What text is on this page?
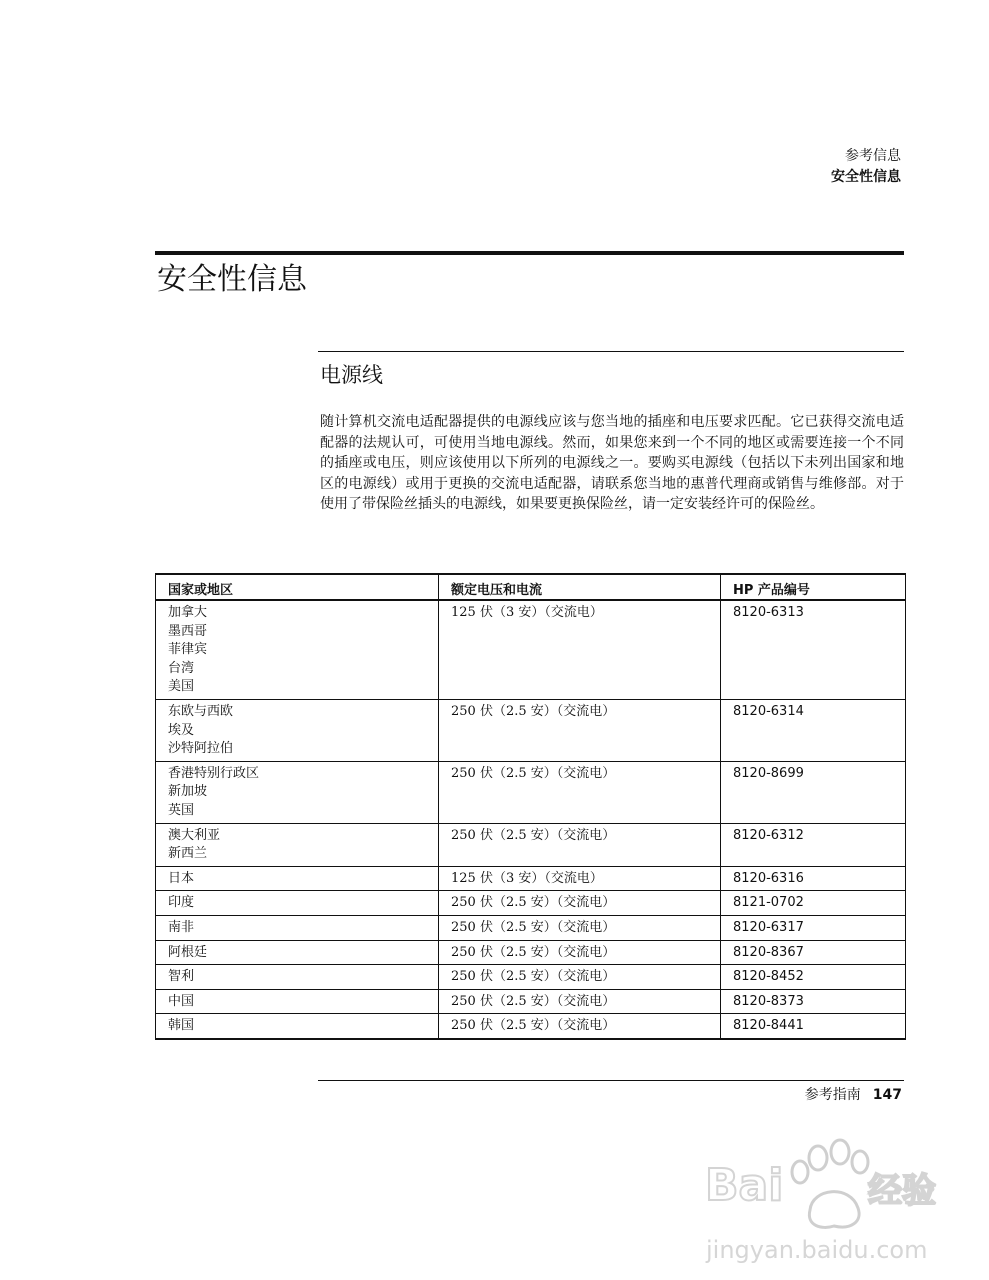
参考信息
安全性信息
安全性信息
电源线

随计算机交流电适配器提供的电源线应该与您当地的插座和电压要求匹配。它已获得交流电适配器的法规认可，可使用当地电源线。然而，如果您来到一个不同的地区或需要连接一个不同的插座或电压，则应该使用以下所列的电源线之一。要购买电源线（包括以下未列出国家和地区的电源线）或用于更换的交流电适配器，请联系您当地的惠普代理商或销售与维修部。对于使用了带保险丝插头的电源线，如果要更换保险丝，请一定安装经许可的保险丝。

国家或地区	额定电压和电流	HP 产品编号

加拿大
墨西哥
菲律宾
台湾
美国	125 伏（3 安）（交流电）	8120-6313

东欧与西欧
埃及
沙特阿拉伯	250 伏（2.5 安）（交流电）	8120-6314

香港特别行政区
新加坡
英国	250 伏（2.5 安）（交流电）	8120-8699

澳大利亚
新西兰	250 伏（2.5 安）（交流电）	8120-6312

日本	125 伏（3 安）（交流电）	8120-6316

印度	250 伏（2.5 安）（交流电）	8121-0702

南非	250 伏（2.5 安）（交流电）	8120-6317

阿根廷	250 伏（2.5 安）（交流电）	8120-8367

智利	250 伏（2.5 安）（交流电）	8120-8452

中国	250 伏（2.5 安）（交流电）	8120-8373

韩国	250 伏（2.5 安）（交流电）	8120-8441
参考指南 147
Bai 经验
jingyan.baidu.com
